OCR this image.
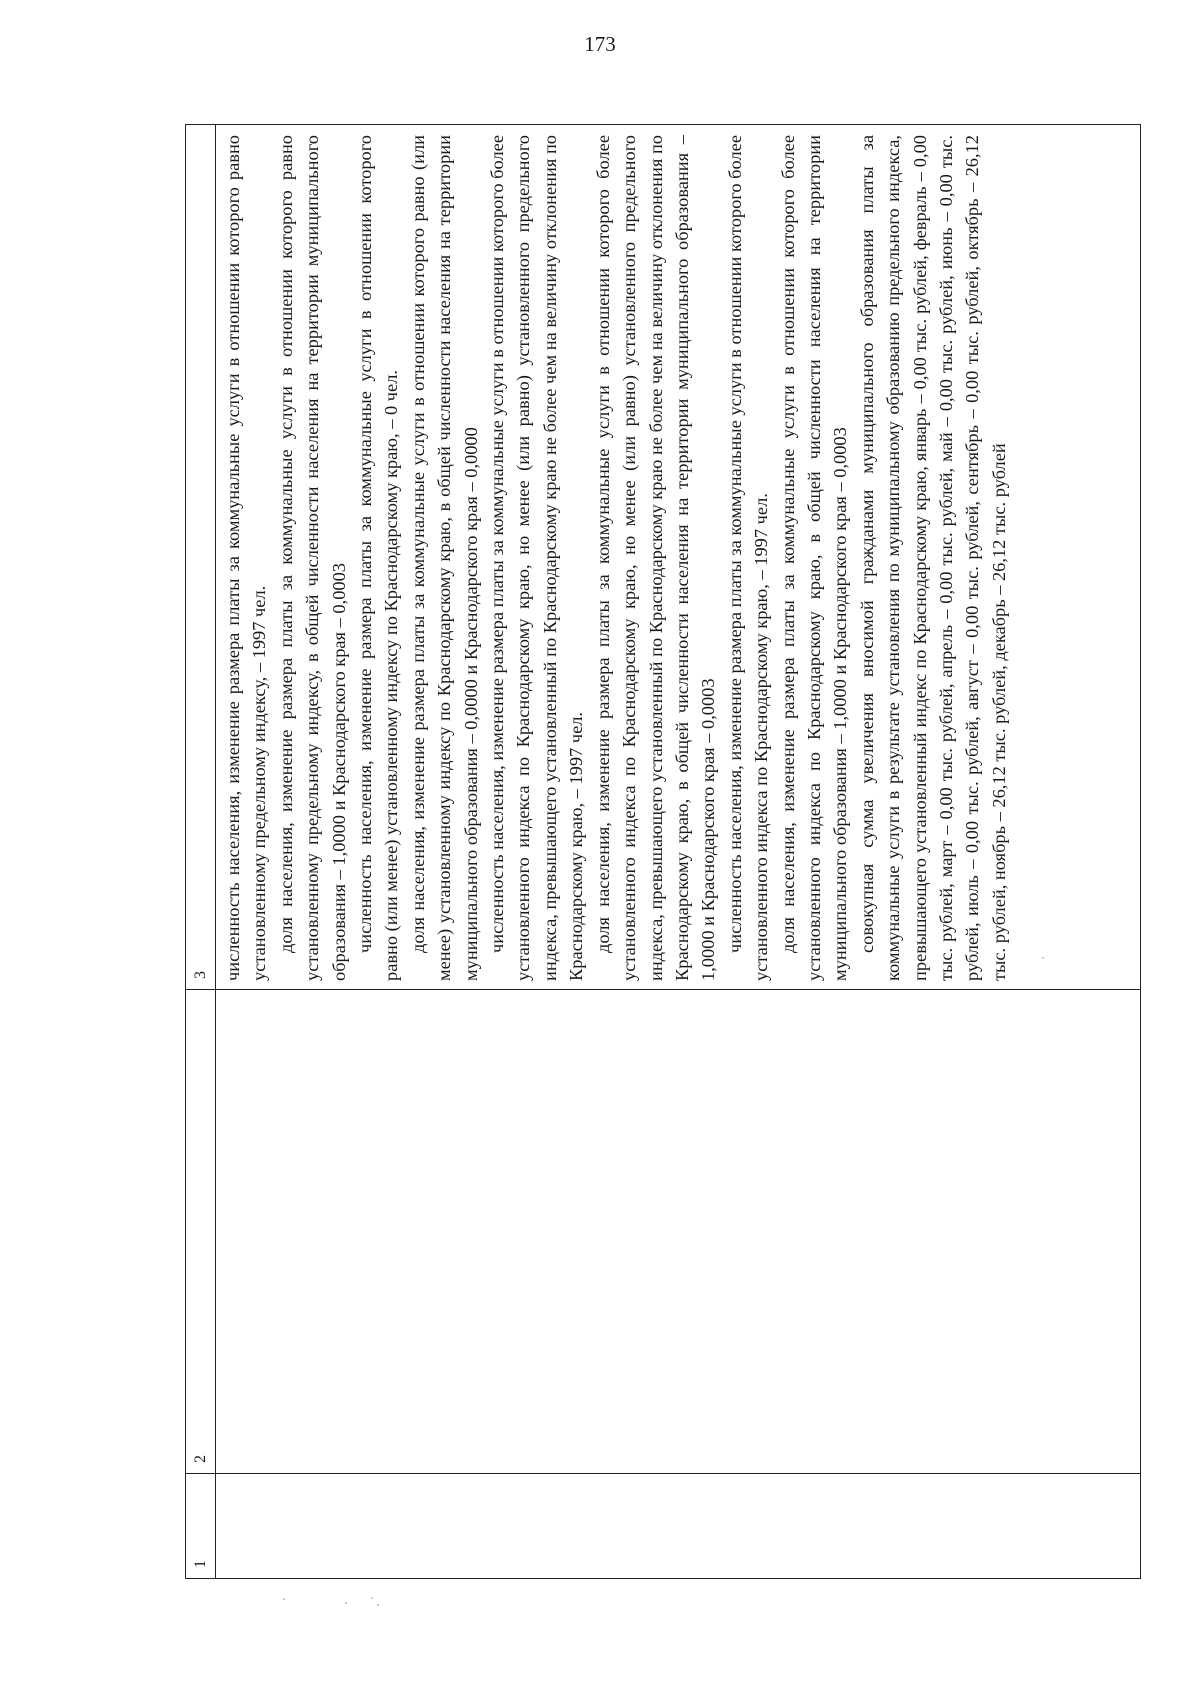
173
1
2
3 численность населения, изменение размера платы за коммунальные услуги в отношении которого равно установленному предельному индексу, – 1997 чел. доля населения, изменение размера платы за коммунальные услуги в отношении которого равно установленному предельному индексу, в общей численности населения на территории муниципального образования – 1,0000 и Краснодарского края – 0,0003 численность населения, изменение размера платы за коммунальные услуги в отношении которого равно (или менее) установленному индексу по Краснодарскому краю, – 0 чел. доля населения, изменение размера платы за коммунальные услуги в отношении которого равно (или менее) установленному индексу по Краснодарскому краю, в общей численности населения на территории муниципального образования – 0,0000 и Краснодарского края – 0,0000 численность населения, изменение размера платы за коммунальные услуги в отношении которого более установленного индекса по Краснодарскому краю, но менее (или равно) установленного предельного индекса, превышающего установленный по Краснодарскому краю не более чем на величину отклонения по Краснодарскому краю, – 1997 чел. доля населения, изменение размера платы за коммунальные услуги в отношении которого более установленного индекса по Краснодарскому краю, но менее (или равно) установленного предельного индекса, превышающего установленный по Краснодарскому краю не более чем на величину отклонения по Краснодарскому краю, в общей численности населения на территории муниципального образования – 1,0000 и Краснодарского края – 0,0003 численность населения, изменение размера платы за коммунальные услуги в отношении которого более установленного индекса по Краснодарскому краю, – 1997 чел. доля населения, изменение размера платы за коммунальные услуги в отношении которого более установленного индекса по Краснодарскому краю, в общей численности населения на территории муниципального образования – 1,0000 и Краснодарского края – 0,0003 совокупная сумма увеличения вносимой гражданами муниципального образования платы за коммунальные услуги в результате установления по муниципальному образованию предельного индекса, превышающего установленный индекс по Краснодарскому краю, январь – 0,00 тыс. рублей, февраль – 0,00 тыс. рублей, март – 0,00 тыс. рублей, апрель – 0,00 тыс. рублей, май – 0,00 тыс. рублей, июнь – 0,00 тыс. рублей, июль – 0,00 тыс. рублей, август – 0,00 тыс. рублей, сентябрь – 0,00 тыс. рублей, октябрь – 26,12 тыс. рублей, ноябрь – 26,12 тыс. рублей, декабрь – 26,12 тыс. рублей
